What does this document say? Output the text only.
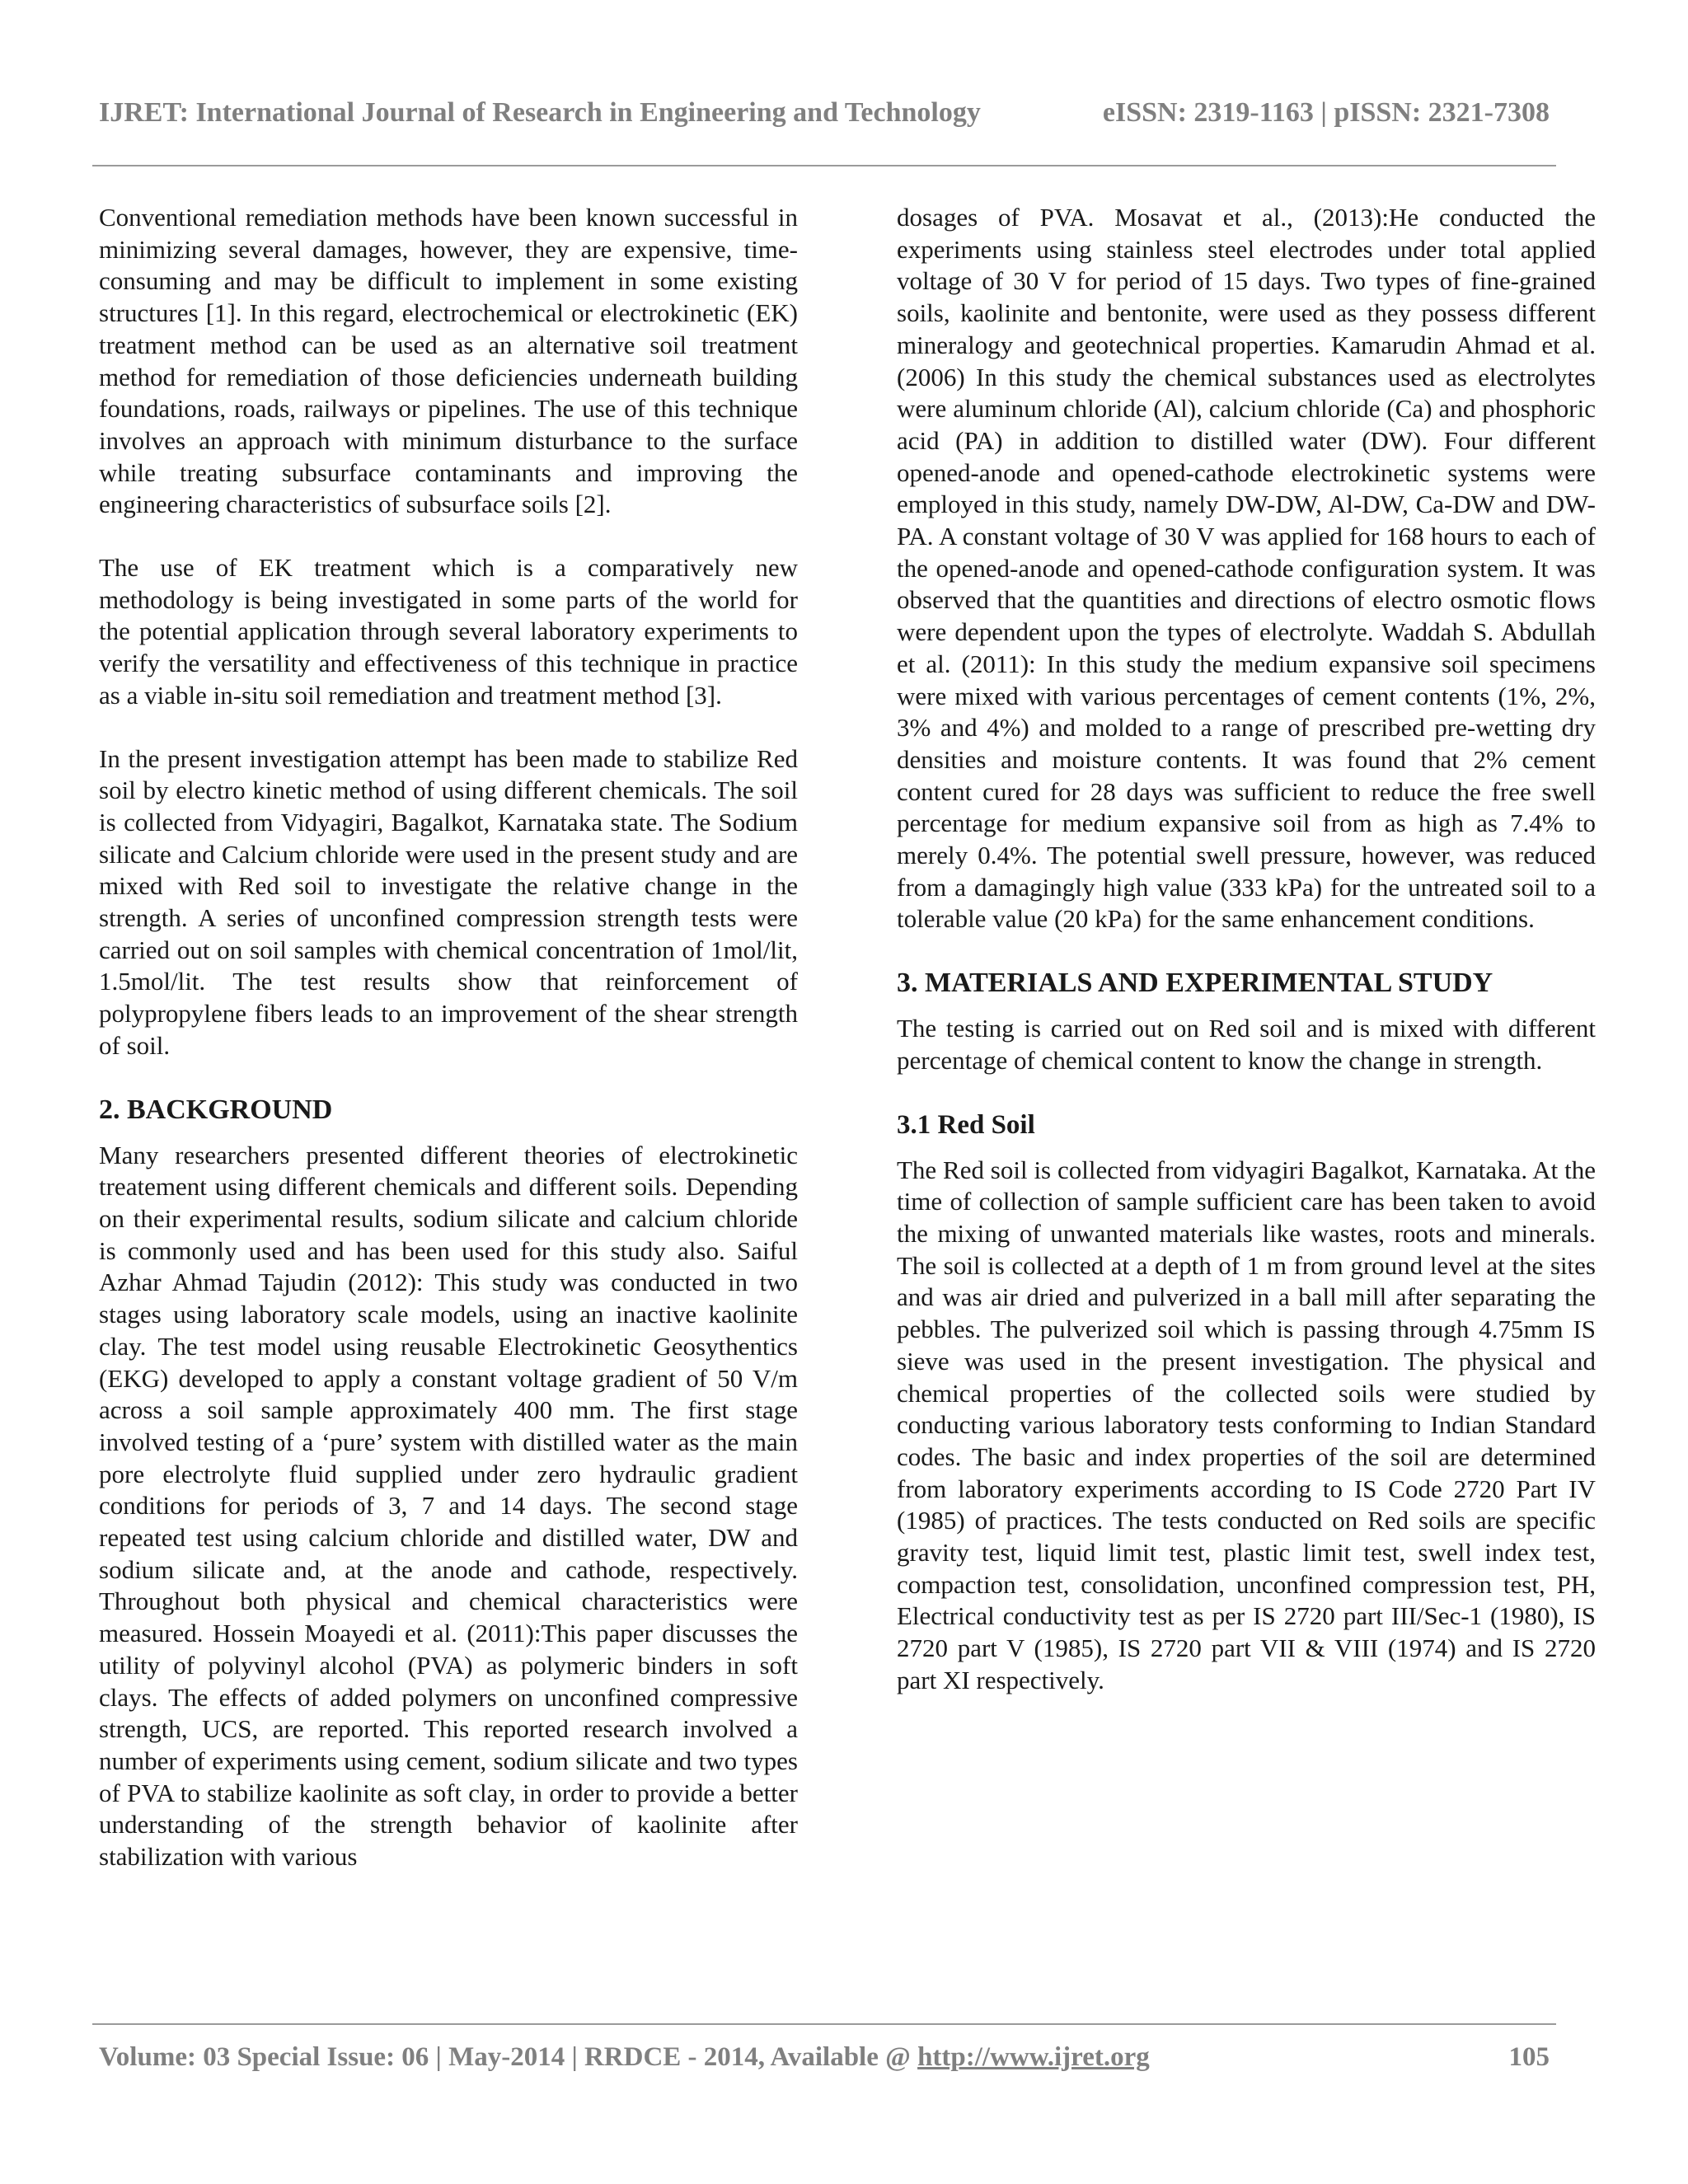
IJRET: International Journal of Research in Engineering and Technology	eISSN: 2319-1163 | pISSN: 2321-7308

Conventional remediation methods have been known successful in minimizing several damages, however, they are expensive, time-consuming and may be difficult to implement in some existing structures [1]. In this regard, electrochemical or electrokinetic (EK) treatment method can be used as an alternative soil treatment method for remediation of those deficiencies underneath building foundations, roads, railways or pipelines. The use of this technique involves an approach with minimum disturbance to the surface while treating subsurface contaminants and improving the engineering characteristics of subsurface soils [2].

The use of EK treatment which is a comparatively new methodology is being investigated in some parts of the world for the potential application through several laboratory experiments to verify the versatility and effectiveness of this technique in practice as a viable in-situ soil remediation and treatment method [3].

In the present investigation attempt has been made to stabilize Red soil by electro kinetic method of using different chemicals. The soil is collected from Vidyagiri, Bagalkot, Karnataka state. The Sodium silicate and Calcium chloride were used in the present study and are mixed with Red soil to investigate the relative change in the strength. A series of unconfined compression strength tests were carried out on soil samples with chemical concentration of 1mol/lit, 1.5mol/lit. The test results show that reinforcement of polypropylene fibers leads to an improvement of the shear strength of soil.

2. BACKGROUND

Many researchers presented different theories of electrokinetic treatement using different chemicals and different soils. Depending on their experimental results, sodium silicate and calcium chloride is commonly used and has been used for this study also. Saiful Azhar Ahmad Tajudin (2012): This study was conducted in two stages using laboratory scale models, using an inactive kaolinite clay. The test model using reusable Electrokinetic Geosythentics (EKG) developed to apply a constant voltage gradient of 50 V/m across a soil sample approximately 400 mm. The first stage involved testing of a ‘pure’ system with distilled water as the main pore electrolyte fluid supplied under zero hydraulic gradient conditions for periods of 3, 7 and 14 days. The second stage repeated test using calcium chloride and distilled water, DW and sodium silicate and, at the anode and cathode, respectively. Throughout both physical and chemical characteristics were measured. Hossein Moayedi et al. (2011):This paper discusses the utility of polyvinyl alcohol (PVA) as polymeric binders in soft clays. The effects of added polymers on unconfined compressive strength, UCS, are reported. This reported research involved a number of experiments using cement, sodium silicate and two types of PVA to stabilize kaolinite as soft clay, in order to provide a better understanding of the strength behavior of kaolinite after stabilization with various

dosages of PVA. Mosavat et al., (2013):He conducted the experiments using stainless steel electrodes under total applied voltage of 30 V for period of 15 days. Two types of fine-grained soils, kaolinite and bentonite, were used as they possess different mineralogy and geotechnical properties. Kamarudin Ahmad et al. (2006) In this study the chemical substances used as electrolytes were aluminum chloride (Al), calcium chloride (Ca) and phosphoric acid (PA) in addition to distilled water (DW). Four different opened-anode and opened-cathode electrokinetic systems were employed in this study, namely DW-DW, Al-DW, Ca-DW and DW-PA. A constant voltage of 30 V was applied for 168 hours to each of the opened-anode and opened-cathode configuration system. It was observed that the quantities and directions of electro osmotic flows were dependent upon the types of electrolyte. Waddah S. Abdullah et al. (2011): In this study the medium expansive soil specimens were mixed with various percentages of cement contents (1%, 2%, 3% and 4%) and molded to a range of prescribed pre-wetting dry densities and moisture contents. It was found that 2% cement content cured for 28 days was sufficient to reduce the free swell percentage for medium expansive soil from as high as 7.4% to merely 0.4%. The potential swell pressure, however, was reduced from a damagingly high value (333 kPa) for the untreated soil to a tolerable value (20 kPa) for the same enhancement conditions.

3. MATERIALS AND EXPERIMENTAL STUDY

The testing is carried out on Red soil and is mixed with different percentage of chemical content to know the change in strength.

3.1 Red Soil

The Red soil is collected from vidyagiri Bagalkot, Karnataka. At the time of collection of sample sufficient care has been taken to avoid the mixing of unwanted materials like wastes, roots and minerals. The soil is collected at a depth of 1 m from ground level at the sites and was air dried and pulverized in a ball mill after separating the pebbles. The pulverized soil which is passing through 4.75mm IS sieve was used in the present investigation. The physical and chemical properties of the collected soils were studied by conducting various laboratory tests conforming to Indian Standard codes. The basic and index properties of the soil are determined from laboratory experiments according to IS Code 2720 Part IV (1985) of practices. The tests conducted on Red soils are specific gravity test, liquid limit test, plastic limit test, swell index test, compaction test, consolidation, unconfined compression test, PH, Electrical conductivity test as per IS 2720 part III/Sec-1 (1980), IS 2720 part V (1985), IS 2720 part VII & VIII (1974) and IS 2720 part XI respectively.

Volume: 03 Special Issue: 06 | May-2014 | RRDCE - 2014, Available @ http://www.ijret.org	105
